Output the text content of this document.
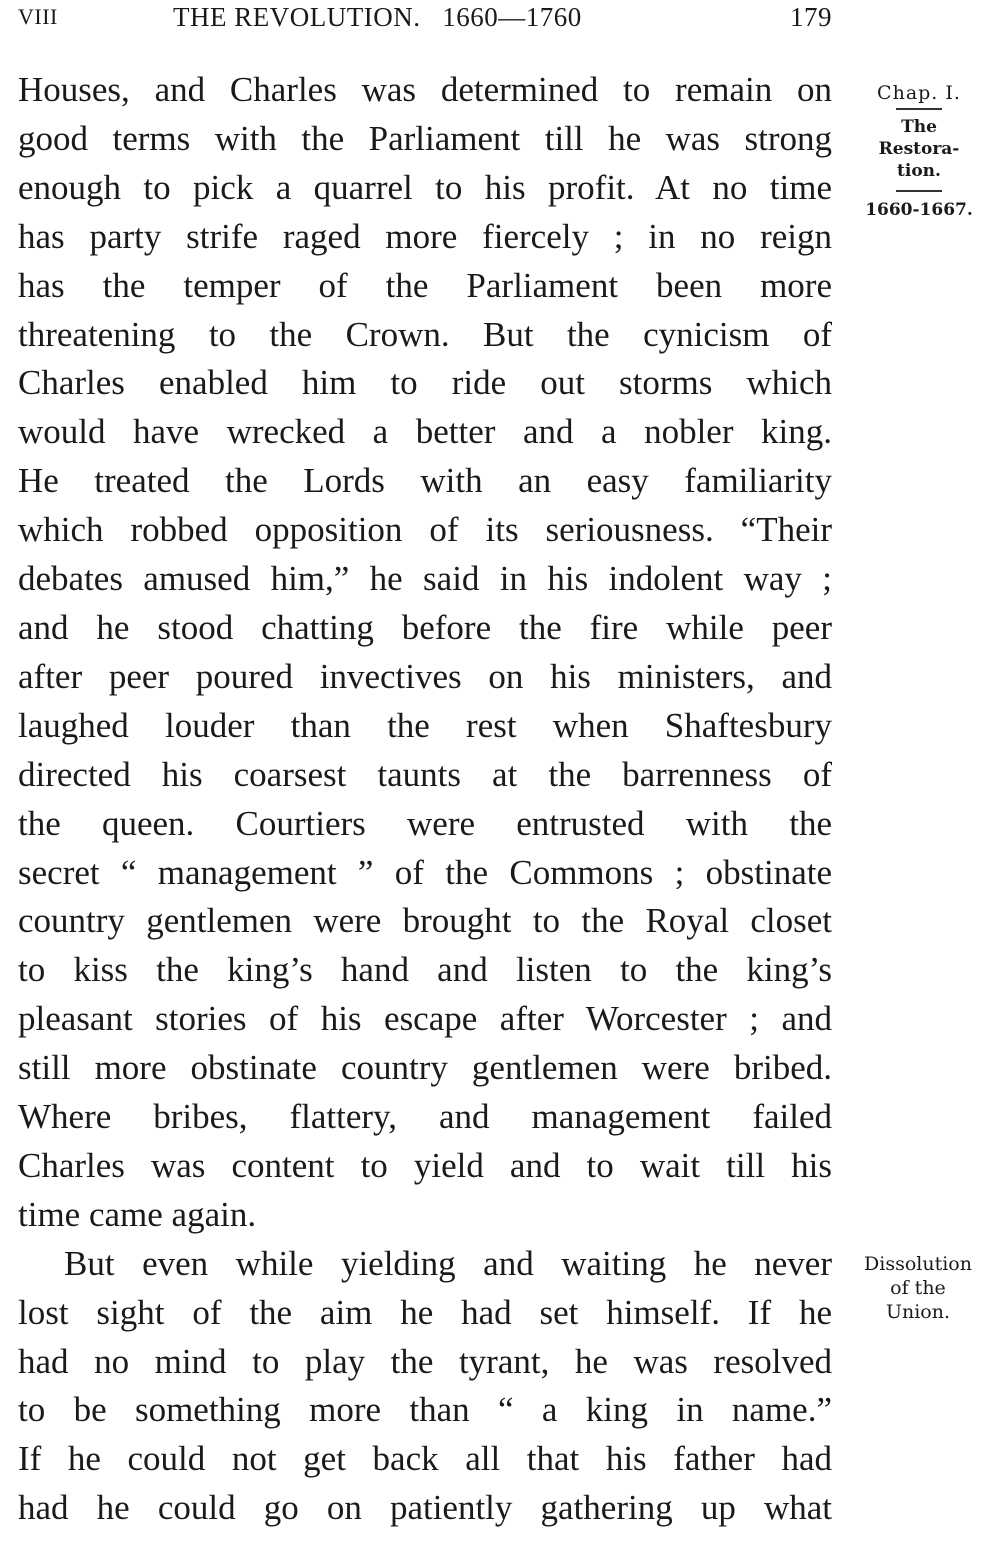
VIII	THE REVOLUTION.   1660—1760	179

Houses, and Charles was determined to remain on
good terms with the Parliament till he was strong
enough to pick a quarrel to his profit. At no time
has party strife raged more fiercely ; in no reign
has the temper of the Parliament been more
threatening to the Crown. But the cynicism of
Charles enabled him to ride out storms which
would have wrecked a better and a nobler king.
He treated the Lords with an easy familiarity
which robbed opposition of its seriousness. “Their
debates amused him,” he said in his indolent way ;
and he stood chatting before the fire while peer
after peer poured invectives on his ministers, and
laughed louder than the rest when Shaftesbury
directed his coarsest taunts at the barrenness of
the queen. Courtiers were entrusted with the
secret “ management ” of the Commons ; obstinate
country gentlemen were brought to the Royal closet
to kiss the king’s hand and listen to the king’s
pleasant stories of his escape after Worcester ; and
still more obstinate country gentlemen were bribed.
Where bribes, flattery, and management failed
Charles was content to yield and to wait till his
time came again.

But even while yielding and waiting he never
lost sight of the aim he had set himself. If he
had no mind to play the tyrant, he was resolved
to be something more than “ a king in name.”
If he could not get back all that his father had
had he could go on patiently gathering up what

Chap. I.
The
Restora-
tion.
1660-1667.
Dissolution
of the
Union.
